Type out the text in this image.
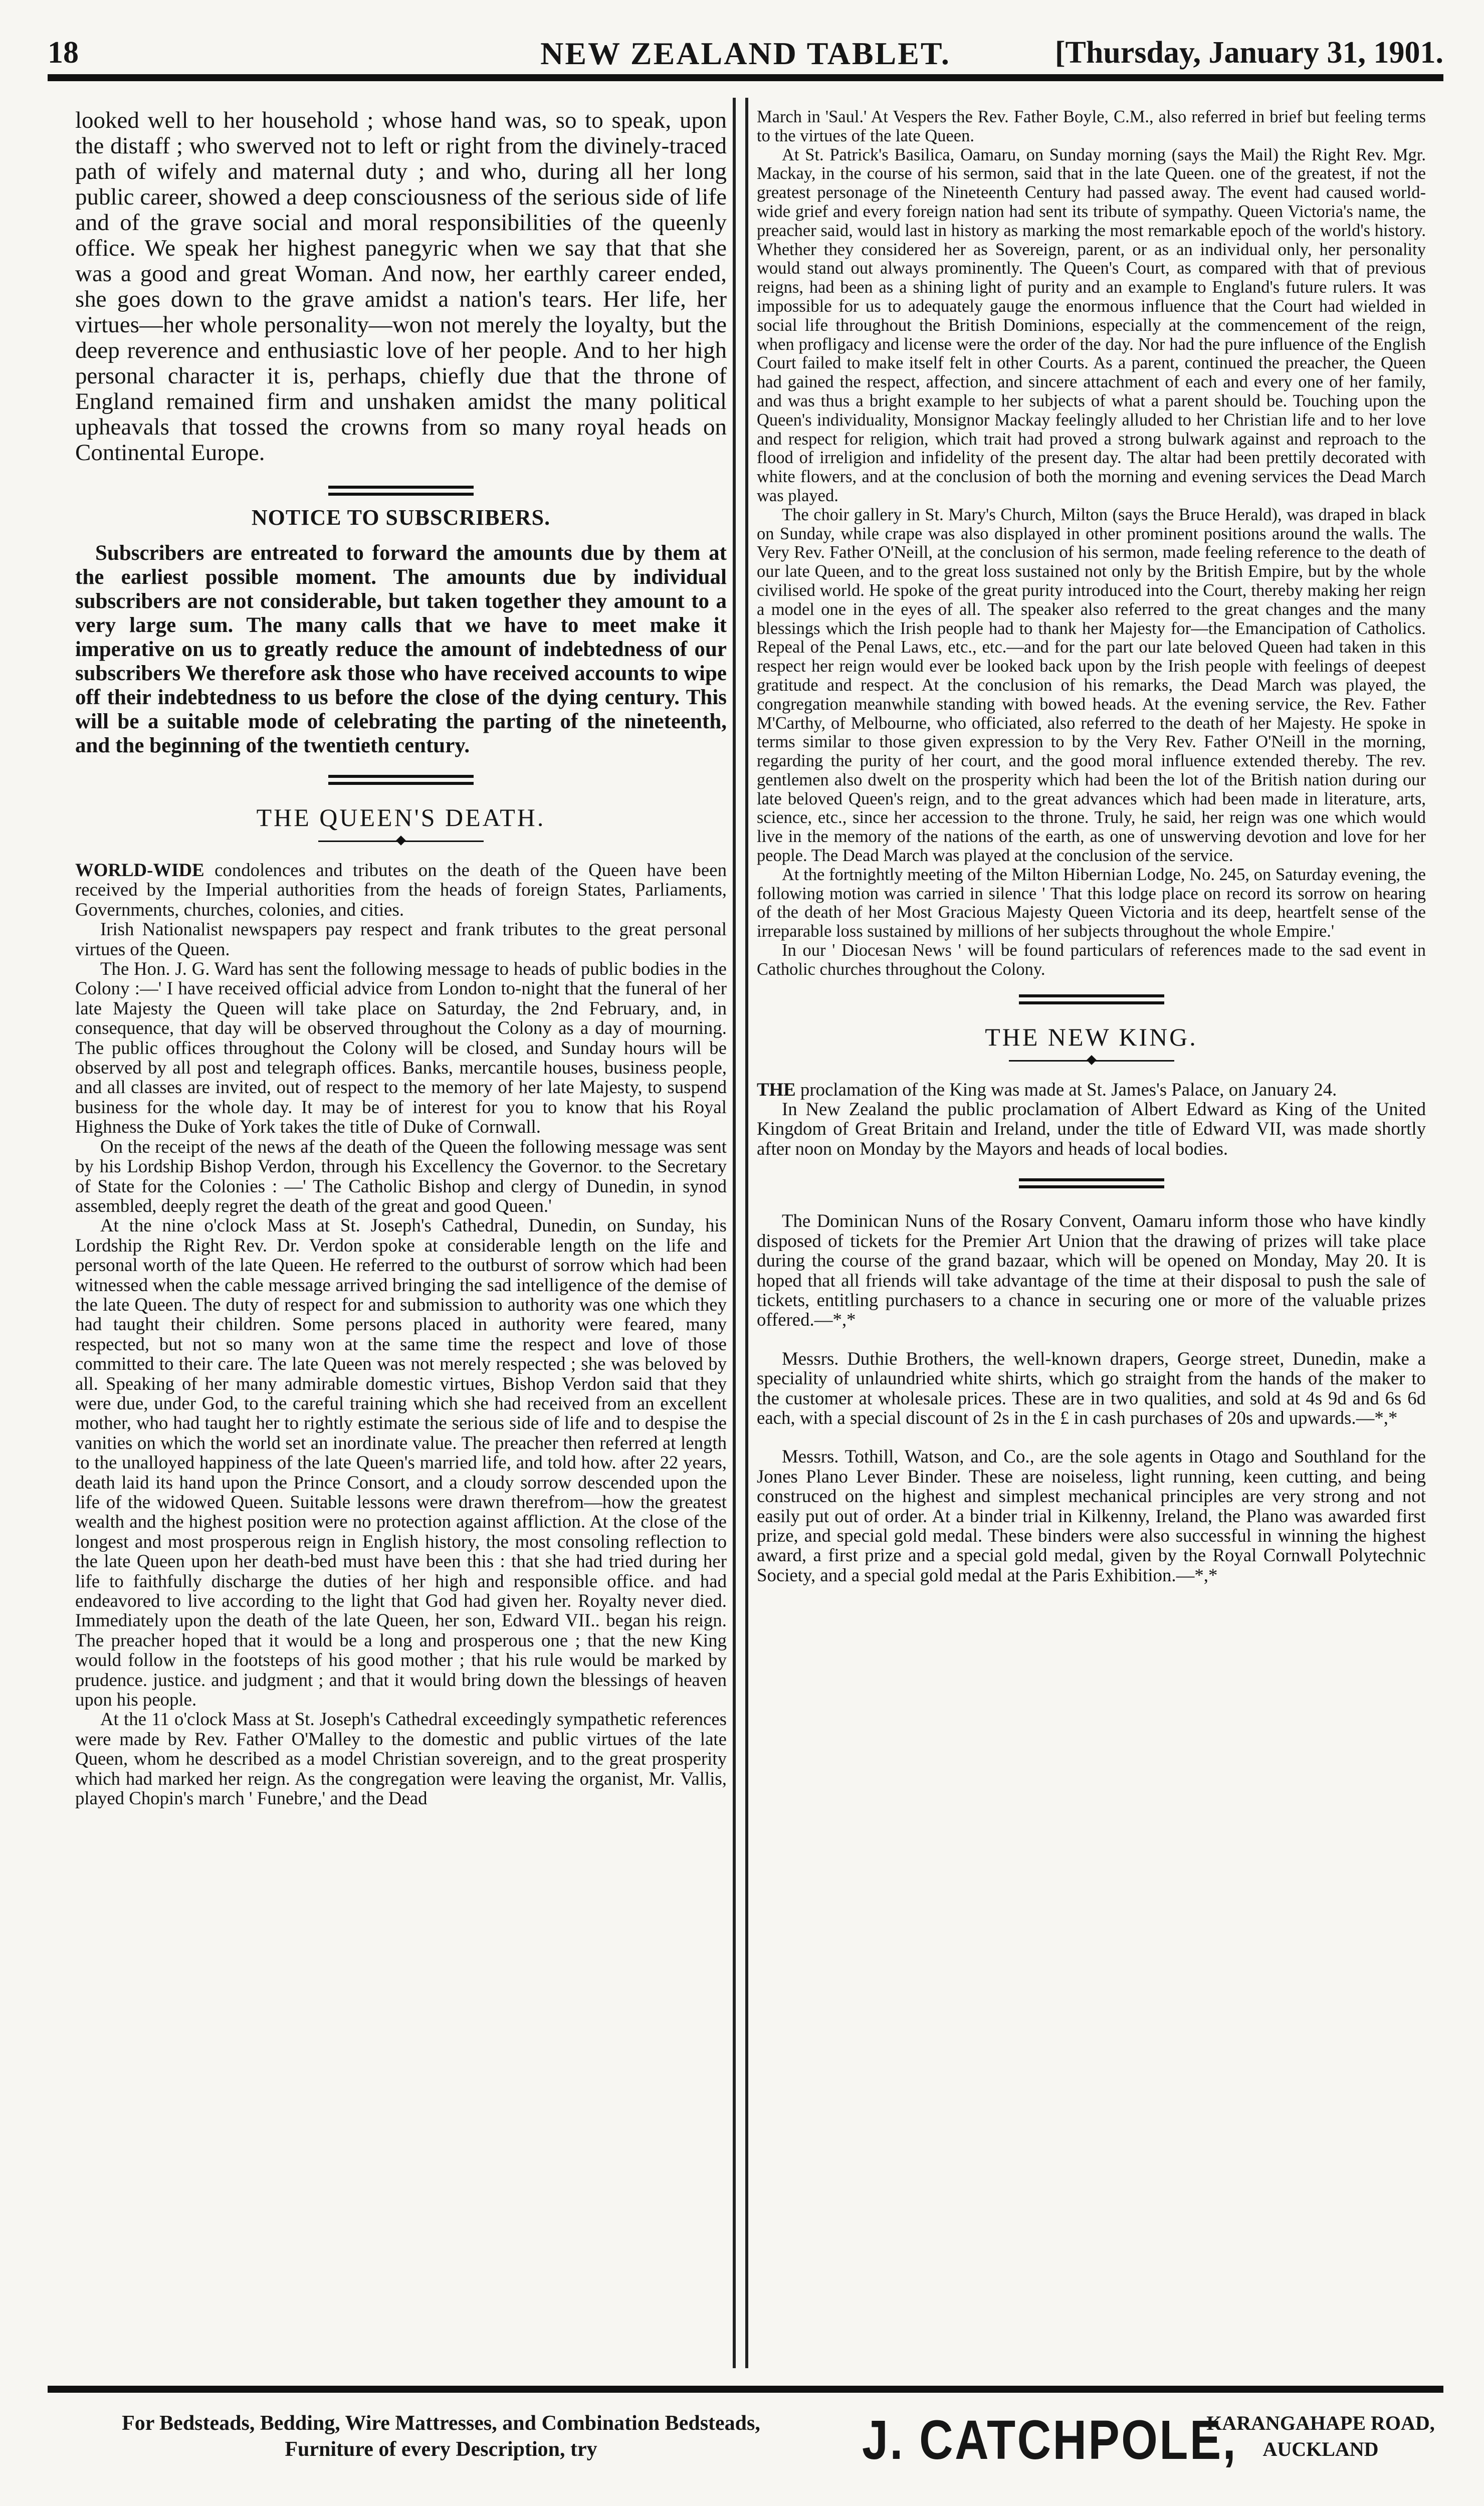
18	NEW ZEALAND TABLET.	[Thursday, January 31, 1901.

looked well to her household ; whose hand was, so to speak, upon the distaff ; who swerved not to left or right from the divinely-traced path of wifely and maternal duty ; and who, during all her long public career, showed a deep consciousness of the serious side of life and of the grave social and moral responsibilities of the queenly office. We speak her highest panegyric when we say that that she was a good and great Woman. And now, her earthly career ended, she goes down to the grave amidst a nation's tears. Her life, her virtues—her whole personality—won not merely the loyalty, but the deep reverence and enthusiastic love of her people. And to her high personal character it is, perhaps, chiefly due that the throne of England remained firm and unshaken amidst the many political upheavals that tossed the crowns from so many royal heads on Continental Europe.

NOTICE TO SUBSCRIBERS.

Subscribers are entreated to forward the amounts due by them at the earliest possible moment. The amounts due by individual subscribers are not considerable, but taken together they amount to a very large sum. The many calls that we have to meet make it imperative on us to greatly reduce the amount of indebtedness of our subscribers We therefore ask those who have received accounts to wipe off their indebtedness to us before the close of the dying century. This will be a suitable mode of celebrating the parting of the nineteenth, and the beginning of the twentieth century.

THE QUEEN'S DEATH.

WORLD-WIDE condolences and tributes on the death of the Queen have been received by the Imperial authorities from the heads of foreign States, Parliaments, Governments, churches, colonies, and cities.

Irish Nationalist newspapers pay respect and frank tributes to the great personal virtues of the Queen.

The Hon. J. G. Ward has sent the following message to heads of public bodies in the Colony :—' I have received official advice from London to-night that the funeral of her late Majesty the Queen will take place on Saturday, the 2nd February, and, in consequence, that day will be observed throughout the Colony as a day of mourning. The public offices throughout the Colony will be closed, and Sunday hours will be observed by all post and telegraph offices. Banks, mercantile houses, business people, and all classes are invited, out of respect to the memory of her late Majesty, to suspend business for the whole day. It may be of interest for you to know that his Royal Highness the Duke of York takes the title of Duke of Cornwall.

On the receipt of the news af the death of the Queen the following message was sent by his Lordship Bishop Verdon, through his Excellency the Governor. to the Secretary of State for the Colonies : —' The Catholic Bishop and clergy of Dunedin, in synod assembled, deeply regret the death of the great and good Queen.'

At the nine o'clock Mass at St. Joseph's Cathedral, Dunedin, on Sunday, his Lordship the Right Rev. Dr. Verdon spoke at considerable length on the life and personal worth of the late Queen. He referred to the outburst of sorrow which had been witnessed when the cable message arrived bringing the sad intelligence of the demise of the late Queen. The duty of respect for and submission to authority was one which they had taught their children. Some persons placed in authority were feared, many respected, but not so many won at the same time the respect and love of those committed to their care. The late Queen was not merely respected ; she was beloved by all. Speaking of her many admirable domestic virtues, Bishop Verdon said that they were due, under God, to the careful training which she had received from an excellent mother, who had taught her to rightly estimate the serious side of life and to despise the vanities on which the world set an inordinate value. The preacher then referred at length to the unalloyed happiness of the late Queen's married life, and told how. after 22 years, death laid its hand upon the Prince Consort, and a cloudy sorrow descended upon the life of the widowed Queen. Suitable lessons were drawn therefrom—how the greatest wealth and the highest position were no protection against affliction. At the close of the longest and most prosperous reign in English history, the most consoling reflection to the late Queen upon her death-bed must have been this : that she had tried during her life to faithfully discharge the duties of her high and responsible office. and had endeavored to live according to the light that God had given her. Royalty never died. Immediately upon the death of the late Queen, her son, Edward VII.. began his reign. The preacher hoped that it would be a long and prosperous one ; that the new King would follow in the footsteps of his good mother ; that his rule would be marked by prudence. justice. and judgment ; and that it would bring down the blessings of heaven upon his people.

At the 11 o'clock Mass at St. Joseph's Cathedral exceedingly sympathetic references were made by Rev. Father O'Malley to the domestic and public virtues of the late Queen, whom he described as a model Christian sovereign, and to the great prosperity which had marked her reign. As the congregation were leaving the organist, Mr. Vallis, played Chopin's march ' Funebre,' and the Dead

March in 'Saul.' At Vespers the Rev. Father Boyle, C.M., also referred in brief but feeling terms to the virtues of the late Queen.

At St. Patrick's Basilica, Oamaru, on Sunday morning (says the Mail) the Right Rev. Mgr. Mackay, in the course of his sermon, said that in the late Queen. one of the greatest, if not the greatest personage of the Nineteenth Century had passed away. The event had caused world-wide grief and every foreign nation had sent its tribute of sympathy. Queen Victoria's name, the preacher said, would last in history as marking the most remarkable epoch of the world's history. Whether they considered her as Sovereign, parent, or as an individual only, her personality would stand out always prominently. The Queen's Court, as compared with that of previous reigns, had been as a shining light of purity and an example to England's future rulers. It was impossible for us to adequately gauge the enormous influence that the Court had wielded in social life throughout the British Dominions, especially at the commencement of the reign, when profligacy and license were the order of the day. Nor had the pure influence of the English Court failed to make itself felt in other Courts. As a parent, continued the preacher, the Queen had gained the respect, affection, and sincere attachment of each and every one of her family, and was thus a bright example to her subjects of what a parent should be. Touching upon the Queen's individuality, Monsignor Mackay feelingly alluded to her Christian life and to her love and respect for religion, which trait had proved a strong bulwark against and reproach to the flood of irreligion and infidelity of the present day. The altar had been prettily decorated with white flowers, and at the conclusion of both the morning and evening services the Dead March was played.

The choir gallery in St. Mary's Church, Milton (says the Bruce Herald), was draped in black on Sunday, while crape was also displayed in other prominent positions around the walls. The Very Rev. Father O'Neill, at the conclusion of his sermon, made feeling reference to the death of our late Queen, and to the great loss sustained not only by the British Empire, but by the whole civilised world. He spoke of the great purity introduced into the Court, thereby making her reign a model one in the eyes of all. The speaker also referred to the great changes and the many blessings which the Irish people had to thank her Majesty for—the Emancipation of Catholics. Repeal of the Penal Laws, etc., etc.—and for the part our late beloved Queen had taken in this respect her reign would ever be looked back upon by the Irish people with feelings of deepest gratitude and respect. At the conclusion of his remarks, the Dead March was played, the congregation meanwhile standing with bowed heads. At the evening service, the Rev. Father M'Carthy, of Melbourne, who officiated, also referred to the death of her Majesty. He spoke in terms similar to those given expression to by the Very Rev. Father O'Neill in the morning, regarding the purity of her court, and the good moral influence extended thereby. The rev. gentlemen also dwelt on the prosperity which had been the lot of the British nation during our late beloved Queen's reign, and to the great advances which had been made in literature, arts, science, etc., since her accession to the throne. Truly, he said, her reign was one which would live in the memory of the nations of the earth, as one of unswerving devotion and love for her people. The Dead March was played at the conclusion of the service.

At the fortnightly meeting of the Milton Hibernian Lodge, No. 245, on Saturday evening, the following motion was carried in silence ' That this lodge place on record its sorrow on hearing of the death of her Most Gracious Majesty Queen Victoria and its deep, heartfelt sense of the irreparable loss sustained by millions of her subjects throughout the whole Empire.'

In our ' Diocesan News ' will be found particulars of references made to the sad event in Catholic churches throughout the Colony.

THE NEW KING.

THE proclamation of the King was made at St. James's Palace, on January 24.

In New Zealand the public proclamation of Albert Edward as King of the United Kingdom of Great Britain and Ireland, under the title of Edward VII, was made shortly after noon on Monday by the Mayors and heads of local bodies.

The Dominican Nuns of the Rosary Convent, Oamaru inform those who have kindly disposed of tickets for the Premier Art Union that the drawing of prizes will take place during the course of the grand bazaar, which will be opened on Monday, May 20. It is hoped that all friends will take advantage of the time at their disposal to push the sale of tickets, entitling purchasers to a chance in securing one or more of the valuable prizes offered.—*,*

Messrs. Duthie Brothers, the well-known drapers, George street, Dunedin, make a speciality of unlaundried white shirts, which go straight from the hands of the maker to the customer at wholesale prices. These are in two qualities, and sold at 4s 9d and 6s 6d each, with a special discount of 2s in the £ in cash purchases of 20s and upwards.—*,*

Messrs. Tothill, Watson, and Co., are the sole agents in Otago and Southland for the Jones Plano Lever Binder. These are noiseless, light running, keen cutting, and being construced on the highest and simplest mechanical principles are very strong and not easily put out of order. At a binder trial in Kilkenny, Ireland, the Plano was awarded first prize, and special gold medal. These binders were also successful in winning the highest award, a first prize and a special gold medal, given by the Royal Cornwall Polytechnic Society, and a special gold medal at the Paris Exhibition.—*,*

For Bedsteads, Bedding, Wire Mattresses, and Combination Bedsteads,
Furniture of every Description, try	J. CATCHPOLE,
KARANGAHAPE ROAD,
AUCKLAND
